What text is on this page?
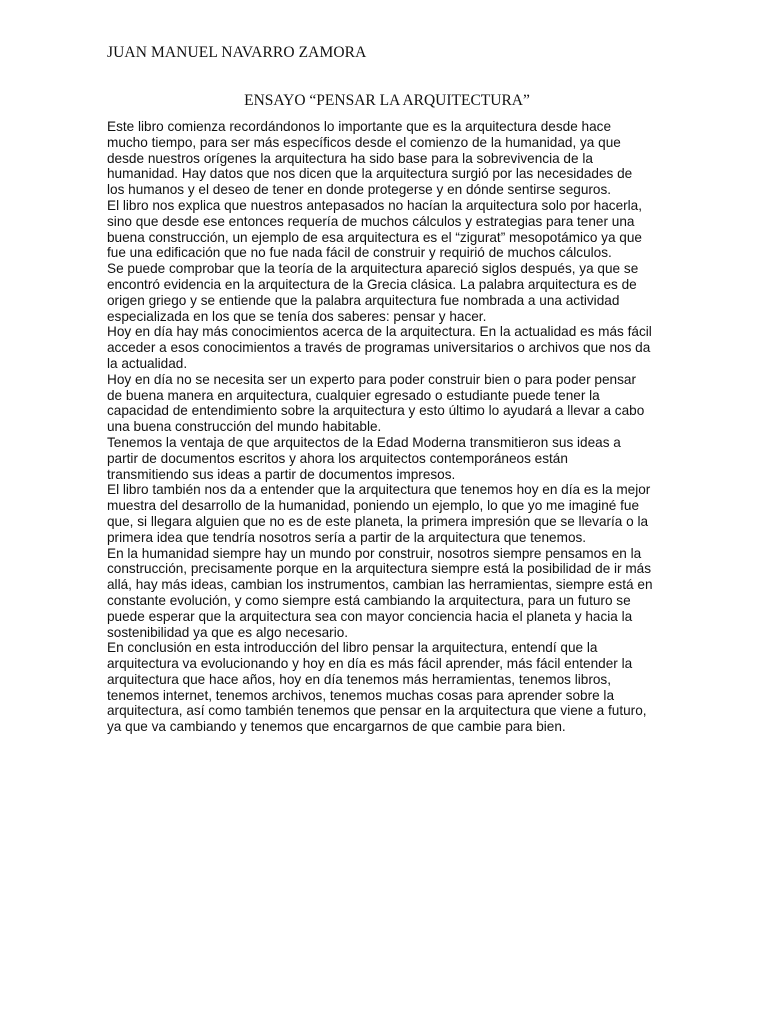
JUAN MANUEL NAVARRO ZAMORA
ENSAYO “PENSAR LA ARQUITECTURA”
Este libro comienza recordándonos lo importante que es la arquitectura desde hace
mucho tiempo, para ser más específicos desde el comienzo de la humanidad, ya que
desde nuestros orígenes la arquitectura ha sido base para la sobrevivencia de la
humanidad. Hay datos que nos dicen que la arquitectura surgió por las necesidades de
los humanos y el deseo de tener en donde protegerse y en dónde sentirse seguros.
El libro nos explica que nuestros antepasados no hacían la arquitectura solo por hacerla,
sino que desde ese entonces requería de muchos cálculos y estrategias para tener una
buena construcción, un ejemplo de esa arquitectura es el “zigurat” mesopotámico ya que
fue una edificación que no fue nada fácil de construir y requirió de muchos cálculos.
Se puede comprobar que la teoría de la arquitectura apareció siglos después, ya que se
encontró evidencia en la arquitectura de la Grecia clásica. La palabra arquitectura es de
origen griego y se entiende que la palabra arquitectura fue nombrada a una actividad
especializada en los que se tenía dos saberes: pensar y hacer.
Hoy en día hay más conocimientos acerca de la arquitectura. En la actualidad es más fácil
acceder a esos conocimientos a través de programas universitarios o archivos que nos da
la actualidad.
Hoy en día no se necesita ser un experto para poder construir bien o para poder pensar
de buena manera en arquitectura, cualquier egresado o estudiante puede tener la
capacidad de entendimiento sobre la arquitectura y esto último lo ayudará a llevar a cabo
una buena construcción del mundo habitable.
Tenemos la ventaja de que arquitectos de la Edad Moderna transmitieron sus ideas a
partir de documentos escritos y ahora los arquitectos contemporáneos están
transmitiendo sus ideas a partir de documentos impresos.
El libro también nos da a entender que la arquitectura que tenemos hoy en día es la mejor
muestra del desarrollo de la humanidad, poniendo un ejemplo, lo que yo me imaginé fue
que, si llegara alguien que no es de este planeta, la primera impresión que se llevaría o la
primera idea que tendría nosotros sería a partir de la arquitectura que tenemos.
En la humanidad siempre hay un mundo por construir, nosotros siempre pensamos en la
construcción, precisamente porque en la arquitectura siempre está la posibilidad de ir más
allá, hay más ideas, cambian los instrumentos, cambian las herramientas, siempre está en
constante evolución, y como siempre está cambiando la arquitectura, para un futuro se
puede esperar que la arquitectura sea con mayor conciencia hacia el planeta y hacia la
sostenibilidad ya que es algo necesario.
En conclusión en esta introducción del libro pensar la arquitectura, entendí que la
arquitectura va evolucionando y hoy en día es más fácil aprender, más fácil entender la
arquitectura que hace años, hoy en día tenemos más herramientas, tenemos libros,
tenemos internet, tenemos archivos, tenemos muchas cosas para aprender sobre la
arquitectura, así como también tenemos que pensar en la arquitectura que viene a futuro,
ya que va cambiando y tenemos que encargarnos de que cambie para bien.
